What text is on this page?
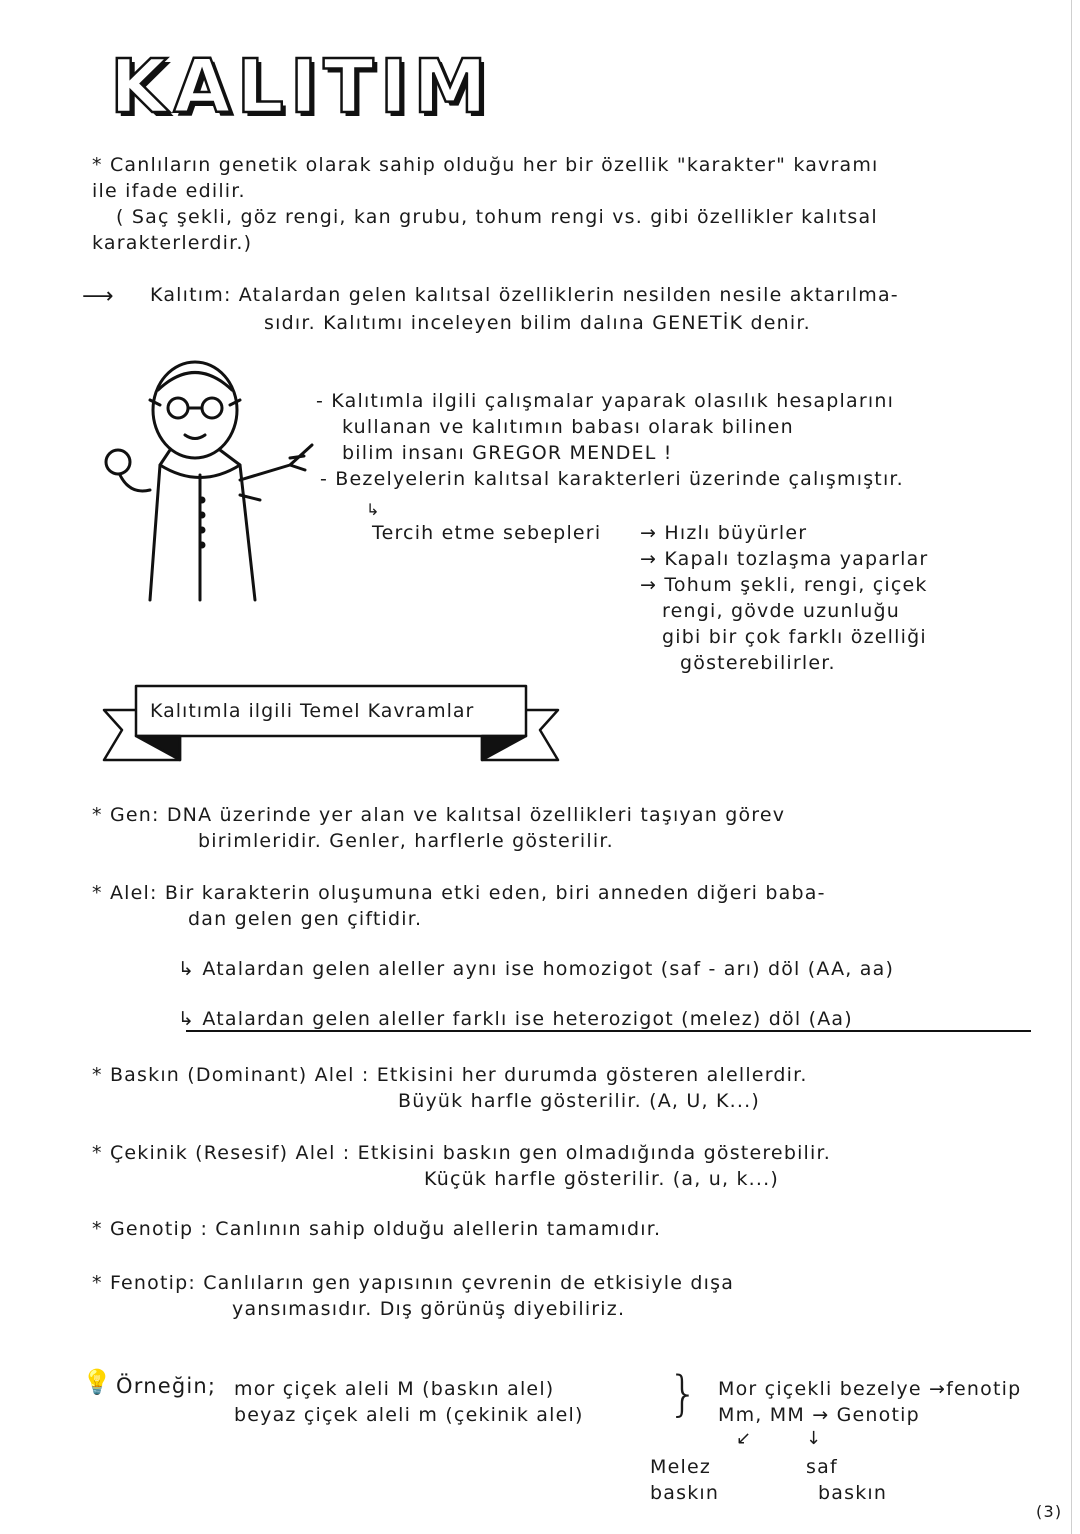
KALITIM
* Canlıların genetik olarak sahip olduğu her bir özellik "karakter" kavramı
ile ifade edilir.
( Saç şekli, göz rengi, kan grubu, tohum rengi vs. gibi özellikler kalıtsal
karakterlerdir.)
⟶ Kalıtım: Atalardan gelen kalıtsal özelliklerin nesilden nesile aktarılma-
sıdır. Kalıtımı inceleyen bilim dalına GENETİK denir.
- Kalıtımla ilgili çalışmalar yaparak olasılık hesaplarını
kullanan ve kalıtımın babası olarak bilinen
bilim insanı GREGOR MENDEL !
- Bezelyelerin kalıtsal karakterleri üzerinde çalışmıştır.
↳
Tercih etme sebepleri → Hızlı büyürler
→ Kapalı tozlaşma yaparlar
→ Tohum şekli, rengi, çiçek
rengi, gövde uzunluğu
gibi bir çok farklı özelliği
gösterebilirler.
Kalıtımla ilgili Temel Kavramlar
* Gen: DNA üzerinde yer alan ve kalıtsal özellikleri taşıyan görev
birimleridir. Genler, harflerle gösterilir.
* Alel: Bir karakterin oluşumuna etki eden, biri anneden diğeri baba-
dan gelen gen çiftidir.
↳ Atalardan gelen aleller aynı ise homozigot (saf - arı) döl (AA, aa)
↳ Atalardan gelen aleller farklı ise heterozigot (melez) döl (Aa)
* Baskın (Dominant) Alel : Etkisini her durumda gösteren alellerdir.
Büyük harfle gösterilir. (A, U, K...)
* Çekinik (Resesif) Alel : Etkisini baskın gen olmadığında gösterebilir.
Küçük harfle gösterilir. (a, u, k...)
* Genotip : Canlının sahip olduğu alellerin tamamıdır.
* Fenotip: Canlıların gen yapısının çevrenin de etkisiyle dışa
yansımasıdır. Dış görünüş diyebiliriz.
💡 Örneğin; mor çiçek aleli M (baskın alel)
beyaz çiçek aleli m (çekinik alel) } Mor çiçekli bezelye →fenotip
Mm, MM → Genotip
↙	↓
Melez
baskın
saf
baskın
(3)
